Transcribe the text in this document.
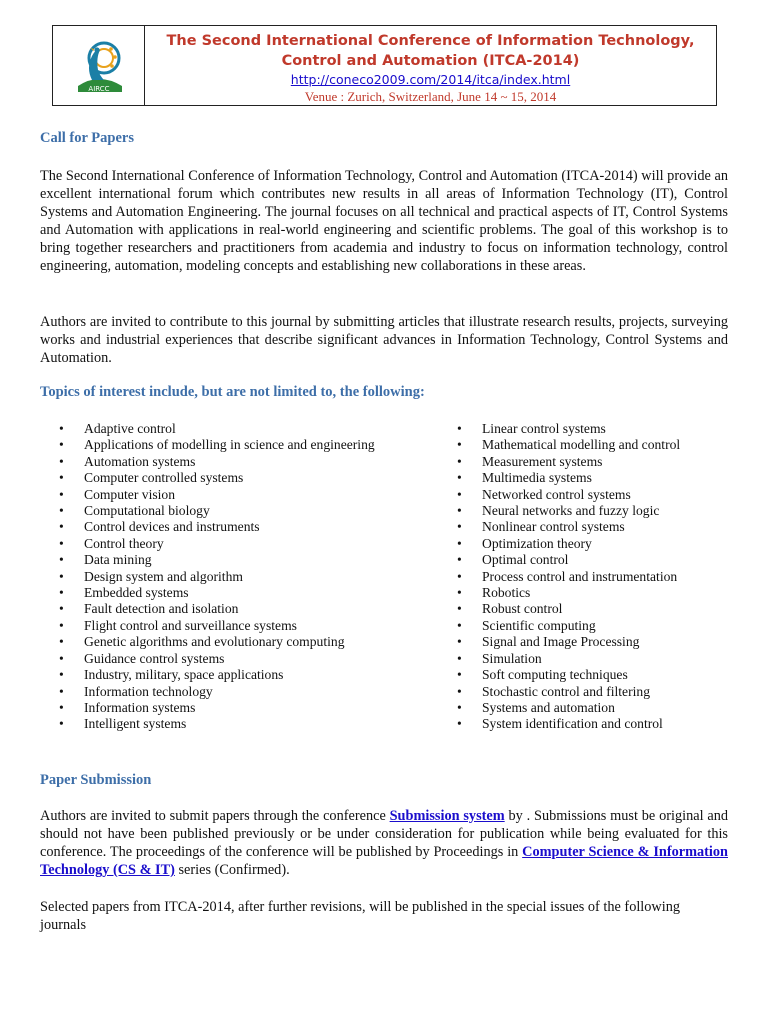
AIRCC
The Second International Conference of Information Technology, Control and Automation (ITCA-2014)
http://coneco2009.com/2014/itca/index.html
Venue : Zurich, Switzerland, June 14 ~ 15, 2014
Call for Papers

The Second International Conference of Information Technology, Control and Automation (ITCA-2014) will provide an excellent international forum which contributes new results in all areas of Information Technology (IT), Control Systems and Automation Engineering. The journal focuses on all technical and practical aspects of IT, Control Systems and Automation with applications in real-world engineering and scientific problems. The goal of this workshop is to bring together researchers and practitioners from academia and industry to focus on information technology, control engineering, automation, modeling concepts and establishing new collaborations in these areas.

Authors are invited to contribute to this journal by submitting articles that illustrate research results, projects, surveying works and industrial experiences that describe significant advances in Information Technology, Control Systems and Automation.

Topics of interest include, but are not limited to, the following:
• Adaptive control
• Applications of modelling in science and engineering
• Automation systems
• Computer controlled systems
• Computer vision
• Computational biology
• Control devices and instruments
• Control theory
• Data mining
• Design system and algorithm
• Embedded systems
• Fault detection and isolation
• Flight control and surveillance systems
• Genetic algorithms and evolutionary computing
• Guidance control systems
• Industry, military, space applications
• Information technology
• Information systems
• Intelligent systems
• Linear control systems
• Mathematical modelling and control
• Measurement systems
• Multimedia systems
• Networked control systems
• Neural networks and fuzzy logic
• Nonlinear control systems
• Optimization theory
• Optimal control
• Process control and instrumentation
• Robotics
• Robust control
• Scientific computing
• Signal and Image Processing
• Simulation
• Soft computing techniques
• Stochastic control and filtering
• Systems and automation
• System identification and control
Paper Submission

Authors are invited to submit papers through the conference Submission system by . Submissions must be original and should not have been published previously or be under consideration for publication while being evaluated for this conference. The proceedings of the conference will be published by Proceedings in Computer Science & Information Technology (CS & IT) series (Confirmed).

Selected papers from ITCA-2014, after further revisions, will be published in the special issues of the following journals
